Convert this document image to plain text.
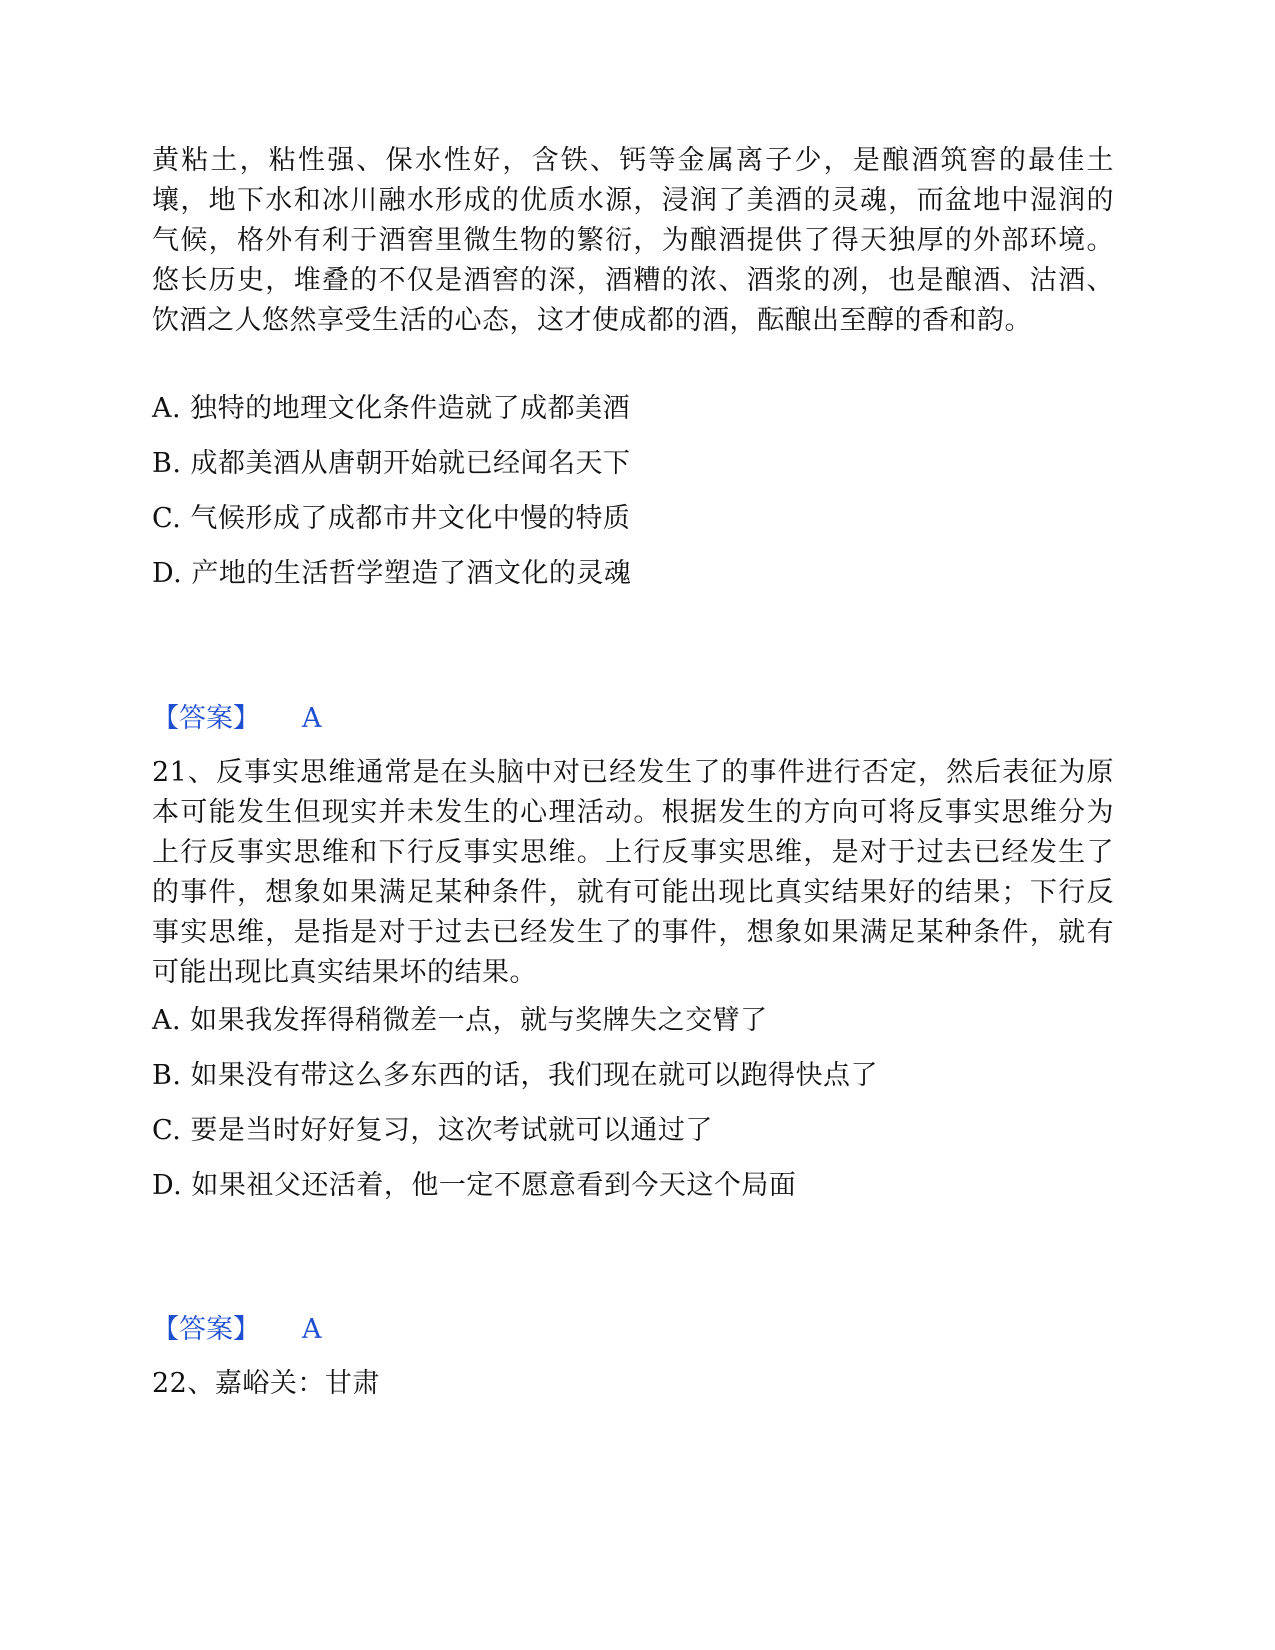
黄粘土，粘性强、保水性好，含铁、钙等金属离子少，是酿酒筑窖的最佳土壤，地下水和冰川融水形成的优质水源，浸润了美酒的灵魂，而盆地中湿润的气候，格外有利于酒窖里微生物的繁衍，为酿酒提供了得天独厚的外部环境。悠长历史，堆叠的不仅是酒窖的深，酒糟的浓、酒浆的冽，也是酿酒、沽酒、饮酒之人悠然享受生活的心态，这才使成都的酒，酝酿出至醇的香和韵。

A. 独特的地理文化条件造就了成都美酒

B. 成都美酒从唐朝开始就已经闻名天下

C. 气候形成了成都市井文化中慢的特质

D. 产地的生活哲学塑造了酒文化的灵魂

【答案】 A

21、反事实思维通常是在头脑中对已经发生了的事件进行否定，然后表征为原本可能发生但现实并未发生的心理活动。根据发生的方向可将反事实思维分为上行反事实思维和下行反事实思维。上行反事实思维，是对于过去已经发生了的事件，想象如果满足某种条件，就有可能出现比真实结果好的结果；下行反事实思维，是指是对于过去已经发生了的事件，想象如果满足某种条件，就有可能出现比真实结果坏的结果。

A. 如果我发挥得稍微差一点，就与奖牌失之交臂了

B. 如果没有带这么多东西的话，我们现在就可以跑得快点了

C. 要是当时好好复习，这次考试就可以通过了

D. 如果祖父还活着，他一定不愿意看到今天这个局面

【答案】 A
22、嘉峪关：甘肃
